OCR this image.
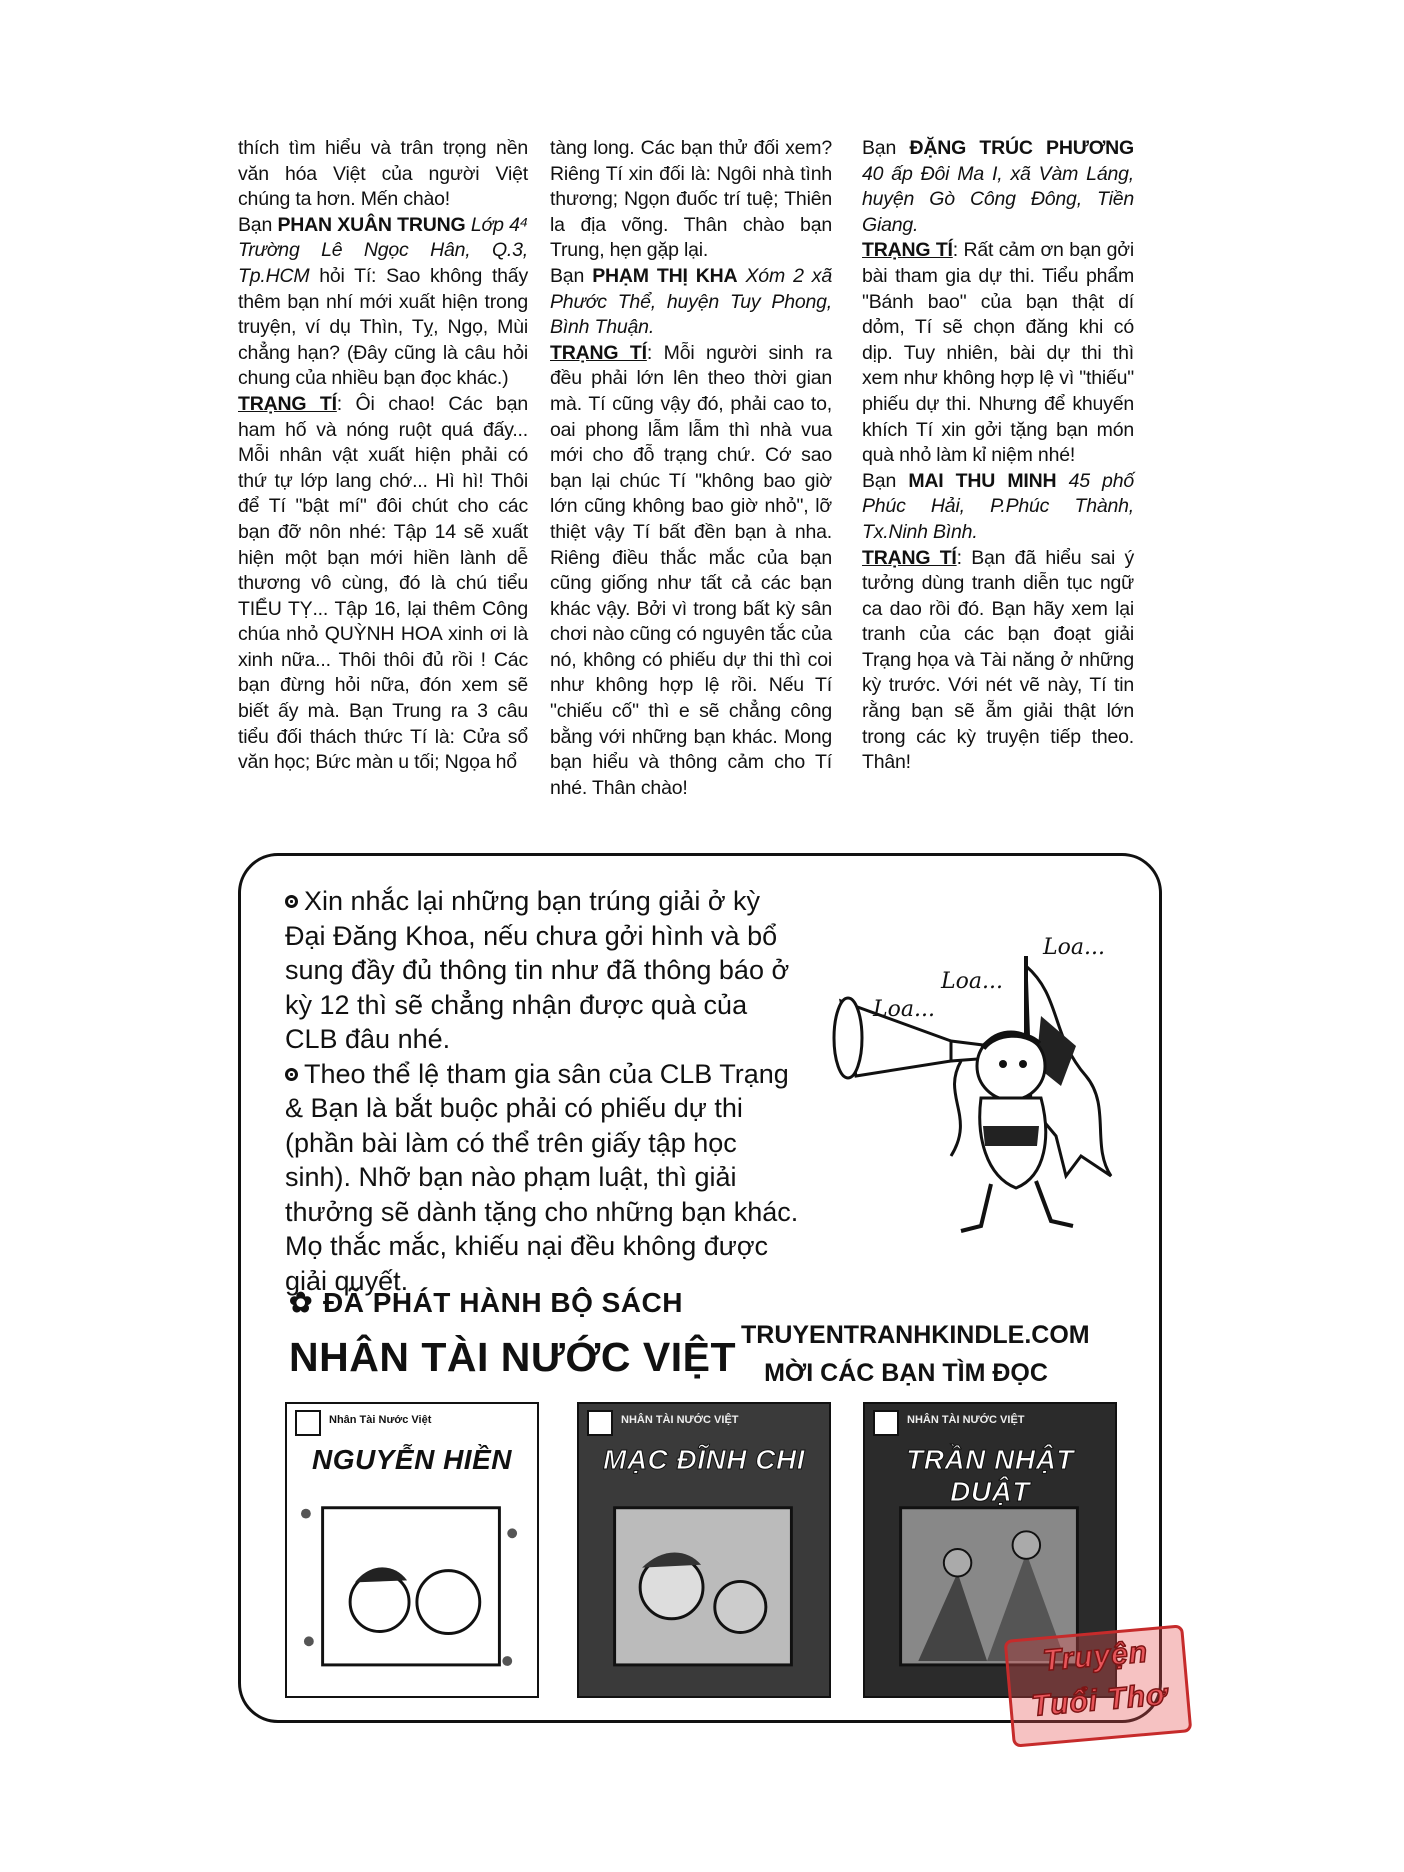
thích tìm hiểu và trân trọng nền văn hóa Việt của người Việt chúng ta hơn. Mến chào!

Bạn PHAN XUÂN TRUNG Lớp 4⁴ Trường Lê Ngọc Hân, Q.3, Tp.HCM hỏi Tí: Sao không thấy thêm bạn nhí mới xuất hiện trong truyện, ví dụ Thìn, Tỵ, Ngọ, Mùi chẳng hạn? (Đây cũng là câu hỏi chung của nhiều bạn đọc khác.)

TRẠNG TÍ: Ôi chao! Các bạn ham hố và nóng ruột quá đấy... Mỗi nhân vật xuất hiện phải có thứ tự lớp lang chớ... Hì hì! Thôi để Tí "bật mí" đôi chút cho các bạn đỡ nôn nhé: Tập 14 sẽ xuất hiện một bạn mới hiền lành dễ thương vô cùng, đó là chú tiểu TIỂU TỴ... Tập 16, lại thêm Công chúa nhỏ QUỲNH HOA xinh ơi là xinh nữa... Thôi thôi đủ rồi ! Các bạn đừng hỏi nữa, đón xem sẽ biết ấy mà. Bạn Trung ra 3 câu tiểu đối thách thức Tí là: Cửa sổ văn học; Bức màn u tối; Ngọa hổ

tàng long. Các bạn thử đối xem? Riêng Tí xin đối là: Ngôi nhà tình thương; Ngọn đuốc trí tuệ; Thiên la địa võng. Thân chào bạn Trung, hẹn gặp lại.

Bạn PHẠM THỊ KHA Xóm 2 xã Phước Thể, huyện Tuy Phong, Bình Thuận.

TRẠNG TÍ: Mỗi người sinh ra đều phải lớn lên theo thời gian mà. Tí cũng vậy đó, phải cao to, oai phong lẫm lẫm thì nhà vua mới cho đỗ trạng chứ. Cớ sao bạn lại chúc Tí "không bao giờ lớn cũng không bao giờ nhỏ", lỡ thiệt vậy Tí bất đền bạn à nha. Riêng điều thắc mắc của bạn cũng giống như tất cả các bạn khác vậy. Bởi vì trong bất kỳ sân chơi nào cũng có nguyên tắc của nó, không có phiếu dự thi thì coi như không hợp lệ rồi. Nếu Tí "chiếu cố" thì e sẽ chẳng công bằng với những bạn khác. Mong bạn hiểu và thông cảm cho Tí nhé. Thân chào!

Bạn ĐẶNG TRÚC PHƯƠNG 40 ấp Đôi Ma I, xã Vàm Láng, huyện Gò Công Đông, Tiền Giang.

TRẠNG TÍ: Rất cảm ơn bạn gởi bài tham gia dự thi. Tiểu phẩm "Bánh bao" của bạn thật dí dỏm, Tí sẽ chọn đăng khi có dịp. Tuy nhiên, bài dự thi thì xem như không hợp lệ vì "thiếu" phiếu dự thi. Nhưng để khuyến khích Tí xin gởi tặng bạn món quà nhỏ làm kỉ niệm nhé!

Bạn MAI THU MINH 45 phố Phúc Hải, P.Phúc Thành, Tx.Ninh Bình.

TRẠNG TÍ: Bạn đã hiểu sai ý tưởng dùng tranh diễn tục ngữ ca dao rồi đó. Bạn hãy xem lại tranh của các bạn đoạt giải Trạng họa và Tài năng ở những kỳ trước. Với nét vẽ này, Tí tin rằng bạn sẽ ẵm giải thật lớn trong các kỳ truyện tiếp theo. Thân!

Xin nhắc lại những bạn trúng giải ở kỳ Đại Đăng Khoa, nếu chưa gởi hình và bổ sung đầy đủ thông tin như đã thông báo ở kỳ 12 thì sẽ chẳng nhận được quà của CLB đâu nhé.

Theo thể lệ tham gia sân của CLB Trạng & Bạn là bắt buộc phải có phiếu dự thi (phần bài làm có thể trên giấy tập học sinh). Nhỡ bạn nào phạm luật, thì giải thưởng sẽ dành tặng cho những bạn khác. Mọ thắc mắc, khiếu nại đều không được giải quyết.

Loa...
Loa...
Loa...
✿ ĐÃ PHÁT HÀNH BỘ SÁCH
NHÂN TÀI NƯỚC VIỆT TRUYENTRANHKINDLE.COM
MỜI CÁC BẠN TÌM ĐỌC
Nhân Tài Nước Việt
NGUYỄN HIỀN
NHÂN TÀI NƯỚC VIỆT
MẠC ĐĨNH CHI
NHÂN TÀI NƯỚC VIỆT
TRẦN NHẬT DUẬT
Truyện
Tuổi Thơ
